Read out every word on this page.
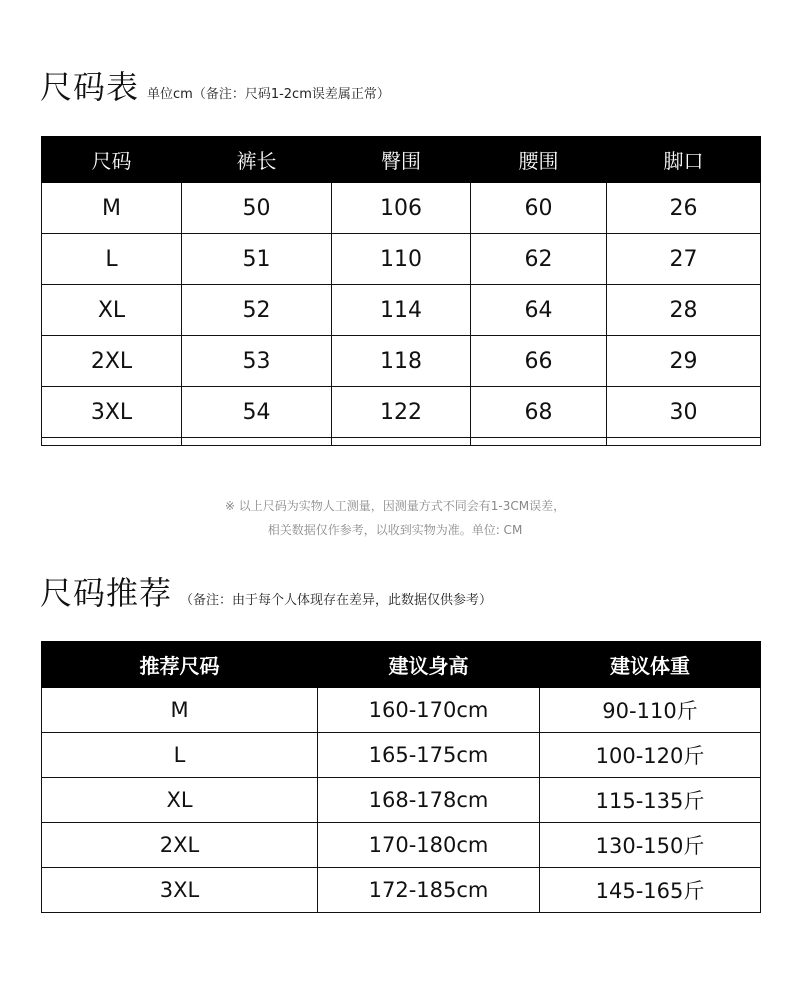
尺码表 单位cm（备注：尺码1-2cm误差属正常）
尺码	裤长	臀围	腰围	脚口
M	50	106	60	26
L	51	110	62	27
XL	52	114	64	28
2XL	53	118	66	29
3XL	54	122	68	30

※ 以上尺码为实物人工测量，因测量方式不同会有1-3CM误差，
相关数据仅作参考，以收到实物为准。单位: CM
尺码推荐 （备注：由于每个人体现存在差异，此数据仅供参考）
推荐尺码	建议身高	建议体重
M	160-170cm	90-110斤
L	165-175cm	100-120斤
XL	168-178cm	115-135斤
2XL	170-180cm	130-150斤
3XL	172-185cm	145-165斤
